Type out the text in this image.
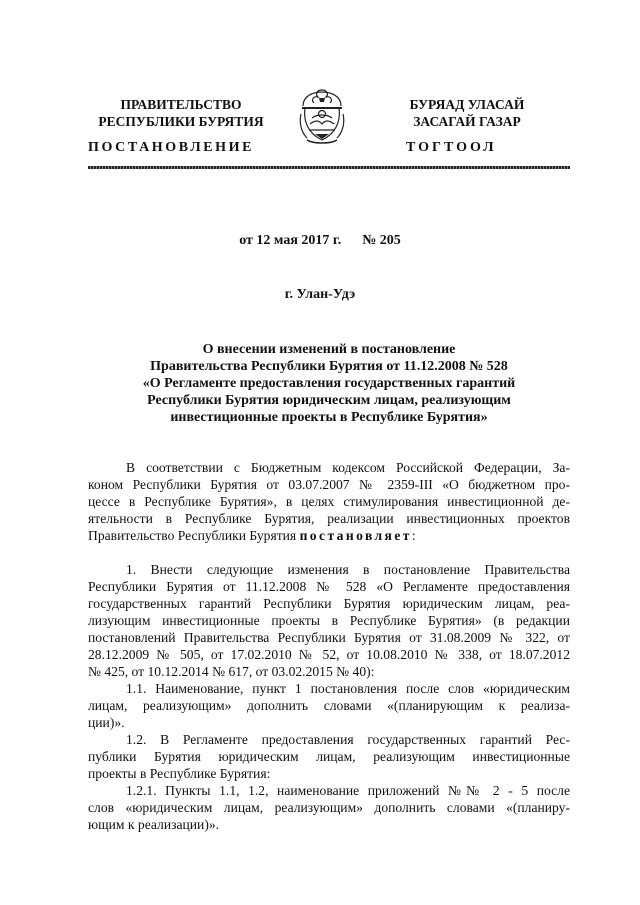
ПРАВИТЕЛЬСТВО
РЕСПУБЛИКИ БУРЯТИЯ
БУРЯАД УЛАСАЙ
ЗАСАГАЙ ГАЗАР
ПОСТАНОВЛЕНИЕ	ТОГТООЛ
от 12 мая 2017 г. № 205
г. Улан-Удэ
О внесении изменений в постановление
Правительства Республики Бурятия от 11.12.2008 № 528
«О Регламенте предоставления государственных гарантий
Республики Бурятия юридическим лицам, реализующим
инвестиционные проекты в Республике Бурятия»

В соответствии с Бюджетным кодексом Российской Федерации, За-
коном Республики Бурятия от 03.07.2007 № 2359-III «О бюджетном про-
цессе в Республике Бурятия», в целях стимулирования инвестиционной де-
ятельности в Республике Бурятия, реализации инвестиционных проектов
Правительство Республики Бурятия постановляет:

1. Внести следующие изменения в постановление Правительства
Республики Бурятия от 11.12.2008 № 528 «О Регламенте предоставления
государственных гарантий Республики Бурятия юридическим лицам, реа-
лизующим инвестиционные проекты в Республике Бурятия» (в редакции
постановлений Правительства Республики Бурятия от 31.08.2009 № 322, от
28.12.2009 № 505, от 17.02.2010 № 52, от 10.08.2010 № 338, от 18.07.2012
№ 425, от 10.12.2014 № 617, от 03.02.2015 № 40):

1.1. Наименование, пункт 1 постановления после слов «юридическим
лицам, реализующим» дополнить словами «(планирующим к реализа-
ции)».

1.2. В Регламенте предоставления государственных гарантий Рес-
публики Бурятия юридическим лицам, реализующим инвестиционные
проекты в Республике Бурятия:

1.2.1. Пункты 1.1, 1.2, наименование приложений №№ 2 - 5 после
слов «юридическим лицам, реализующим» дополнить словами «(планиру-
ющим к реализации)».
